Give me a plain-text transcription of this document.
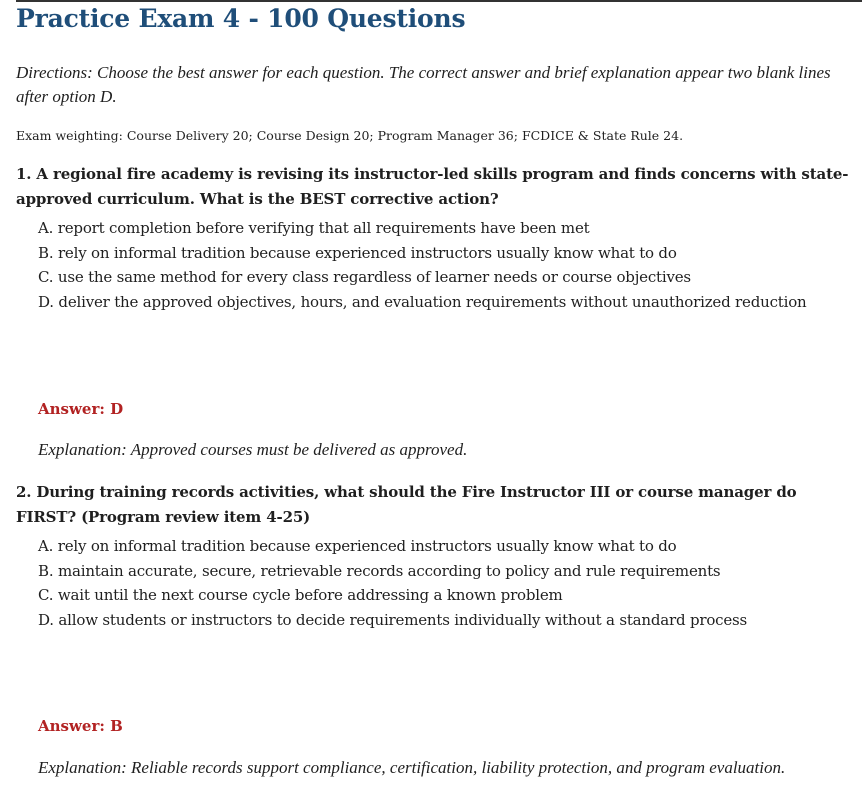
Practice Exam 4 - 100 Questions
Directions: Choose the best answer for each question. The correct answer and brief explanation appear two blank lines after option D.
Exam weighting: Course Delivery 20; Course Design 20; Program Manager 36; FCDICE & State Rule 24.
1. A regional fire academy is revising its instructor-led skills program and finds concerns with state-approved curriculum. What is the BEST corrective action?
A. report completion before verifying that all requirements have been met
B. rely on informal tradition because experienced instructors usually know what to do
C. use the same method for every class regardless of learner needs or course objectives
D. deliver the approved objectives, hours, and evaluation requirements without unauthorized reduction
Answer: D
Explanation: Approved courses must be delivered as approved.
2. During training records activities, what should the Fire Instructor III or course manager do FIRST? (Program review item 4-25)
A. rely on informal tradition because experienced instructors usually know what to do
B. maintain accurate, secure, retrievable records according to policy and rule requirements
C. wait until the next course cycle before addressing a known problem
D. allow students or instructors to decide requirements individually without a standard process
Answer: B
Explanation: Reliable records support compliance, certification, liability protection, and program evaluation.
